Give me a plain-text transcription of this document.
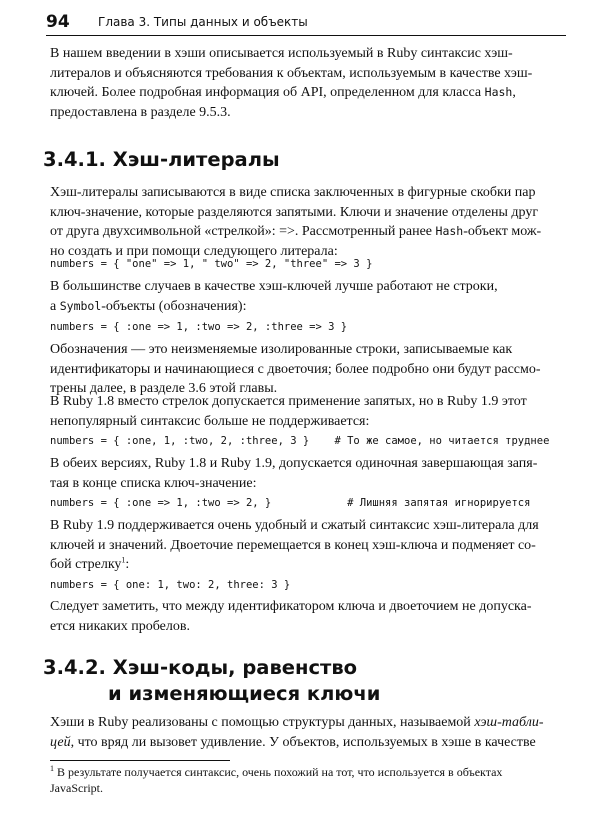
94 Глава 3. Типы данных и объекты
В нашем введении в хэши описывается используемый в Ruby синтаксис хэш-
литералов и объясняются требования к объектам, используемым в качестве хэш-
ключей. Более подробная информация об API, определенном для класса Hash,
предоставлена в разделе 9.5.3.
3.4.1. Хэш-литералы
Хэш-литералы записываются в виде списка заключенных в фигурные скобки пар
ключ-значение, которые разделяются запятыми. Ключи и значение отделены друг
от друга двухсимвольной «стрелкой»: =>. Рассмотренный ранее Hash-объект мож-
но создать и при помощи следующего литерала:
numbers = { "one" => 1, " two" => 2, "three" => 3 }
В большинстве случаев в качестве хэш-ключей лучше работают не строки,
а Symbol-объекты (обозначения):
numbers = { :one => 1, :two => 2, :three => 3 }
Обозначения — это неизменяемые изолированные строки, записываемые как
идентификаторы и начинающиеся с двоеточия; более подробно они будут рассмо-
трены далее, в разделе 3.6 этой главы.
В Ruby 1.8 вместо стрелок допускается применение запятых, но в Ruby 1.9 этот
непопулярный синтаксис больше не поддерживается:
numbers = { :one, 1, :two, 2, :three, 3 }    # То же самое, но читается труднее
В обеих версиях, Ruby 1.8 и Ruby 1.9, допускается одиночная завершающая запя-
тая в конце списка ключ-значение:
numbers = { :one => 1, :two => 2, }            # Лишняя запятая игнорируется
В Ruby 1.9 поддерживается очень удобный и сжатый синтаксис хэш-литерала для
ключей и значений. Двоеточие перемещается в конец хэш-ключа и подменяет со-
бой стрелку$^1$:
numbers = { one: 1, two: 2, three: 3 }
Следует заметить, что между идентификатором ключа и двоеточием не допуска-
ется никаких пробелов.
3.4.2. Хэш-коды, равенство
и изменяющиеся ключи
Хэши в Ruby реализованы с помощью структуры данных, называемой хэш-табли-
цей, что вряд ли вызовет удивление. У объектов, используемых в хэше в качестве
$^1$ В результате получается синтаксис, очень похожий на тот, что используется в объектах
JavaScript.
